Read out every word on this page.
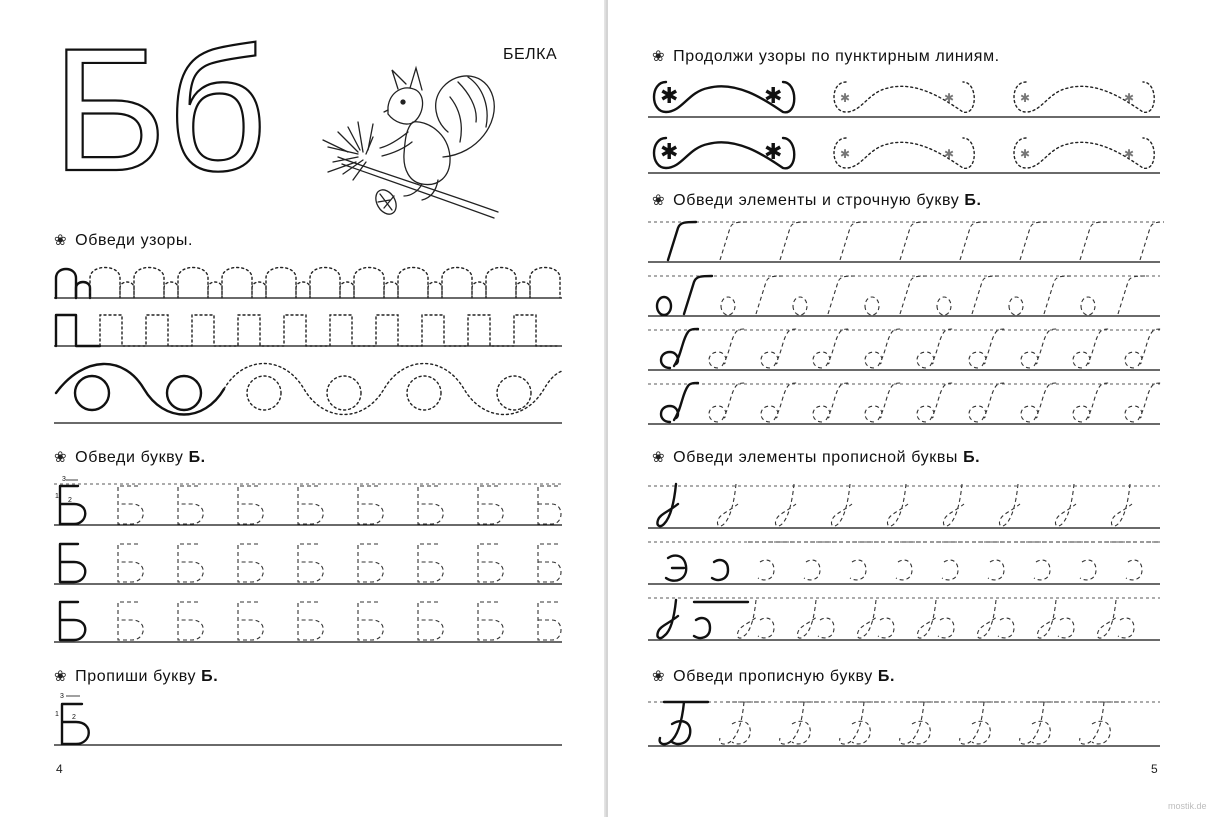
Бб	БЕЛКА
❀ Обведи узоры.
❀ Обведи букву Б.
3
2
1
❀ Пропиши букву Б.
3
2
1
4
❀ Продолжи узоры по пунктирным линиям.
✱	✱
✱	✱
✱	✱	✱	✱
✱	✱	✱	✱
❀ Обведи элементы и строчную букву Б.
❀ Обведи элементы прописной буквы Б.
❀ Обведи прописную букву Б.
5
mostik.de
